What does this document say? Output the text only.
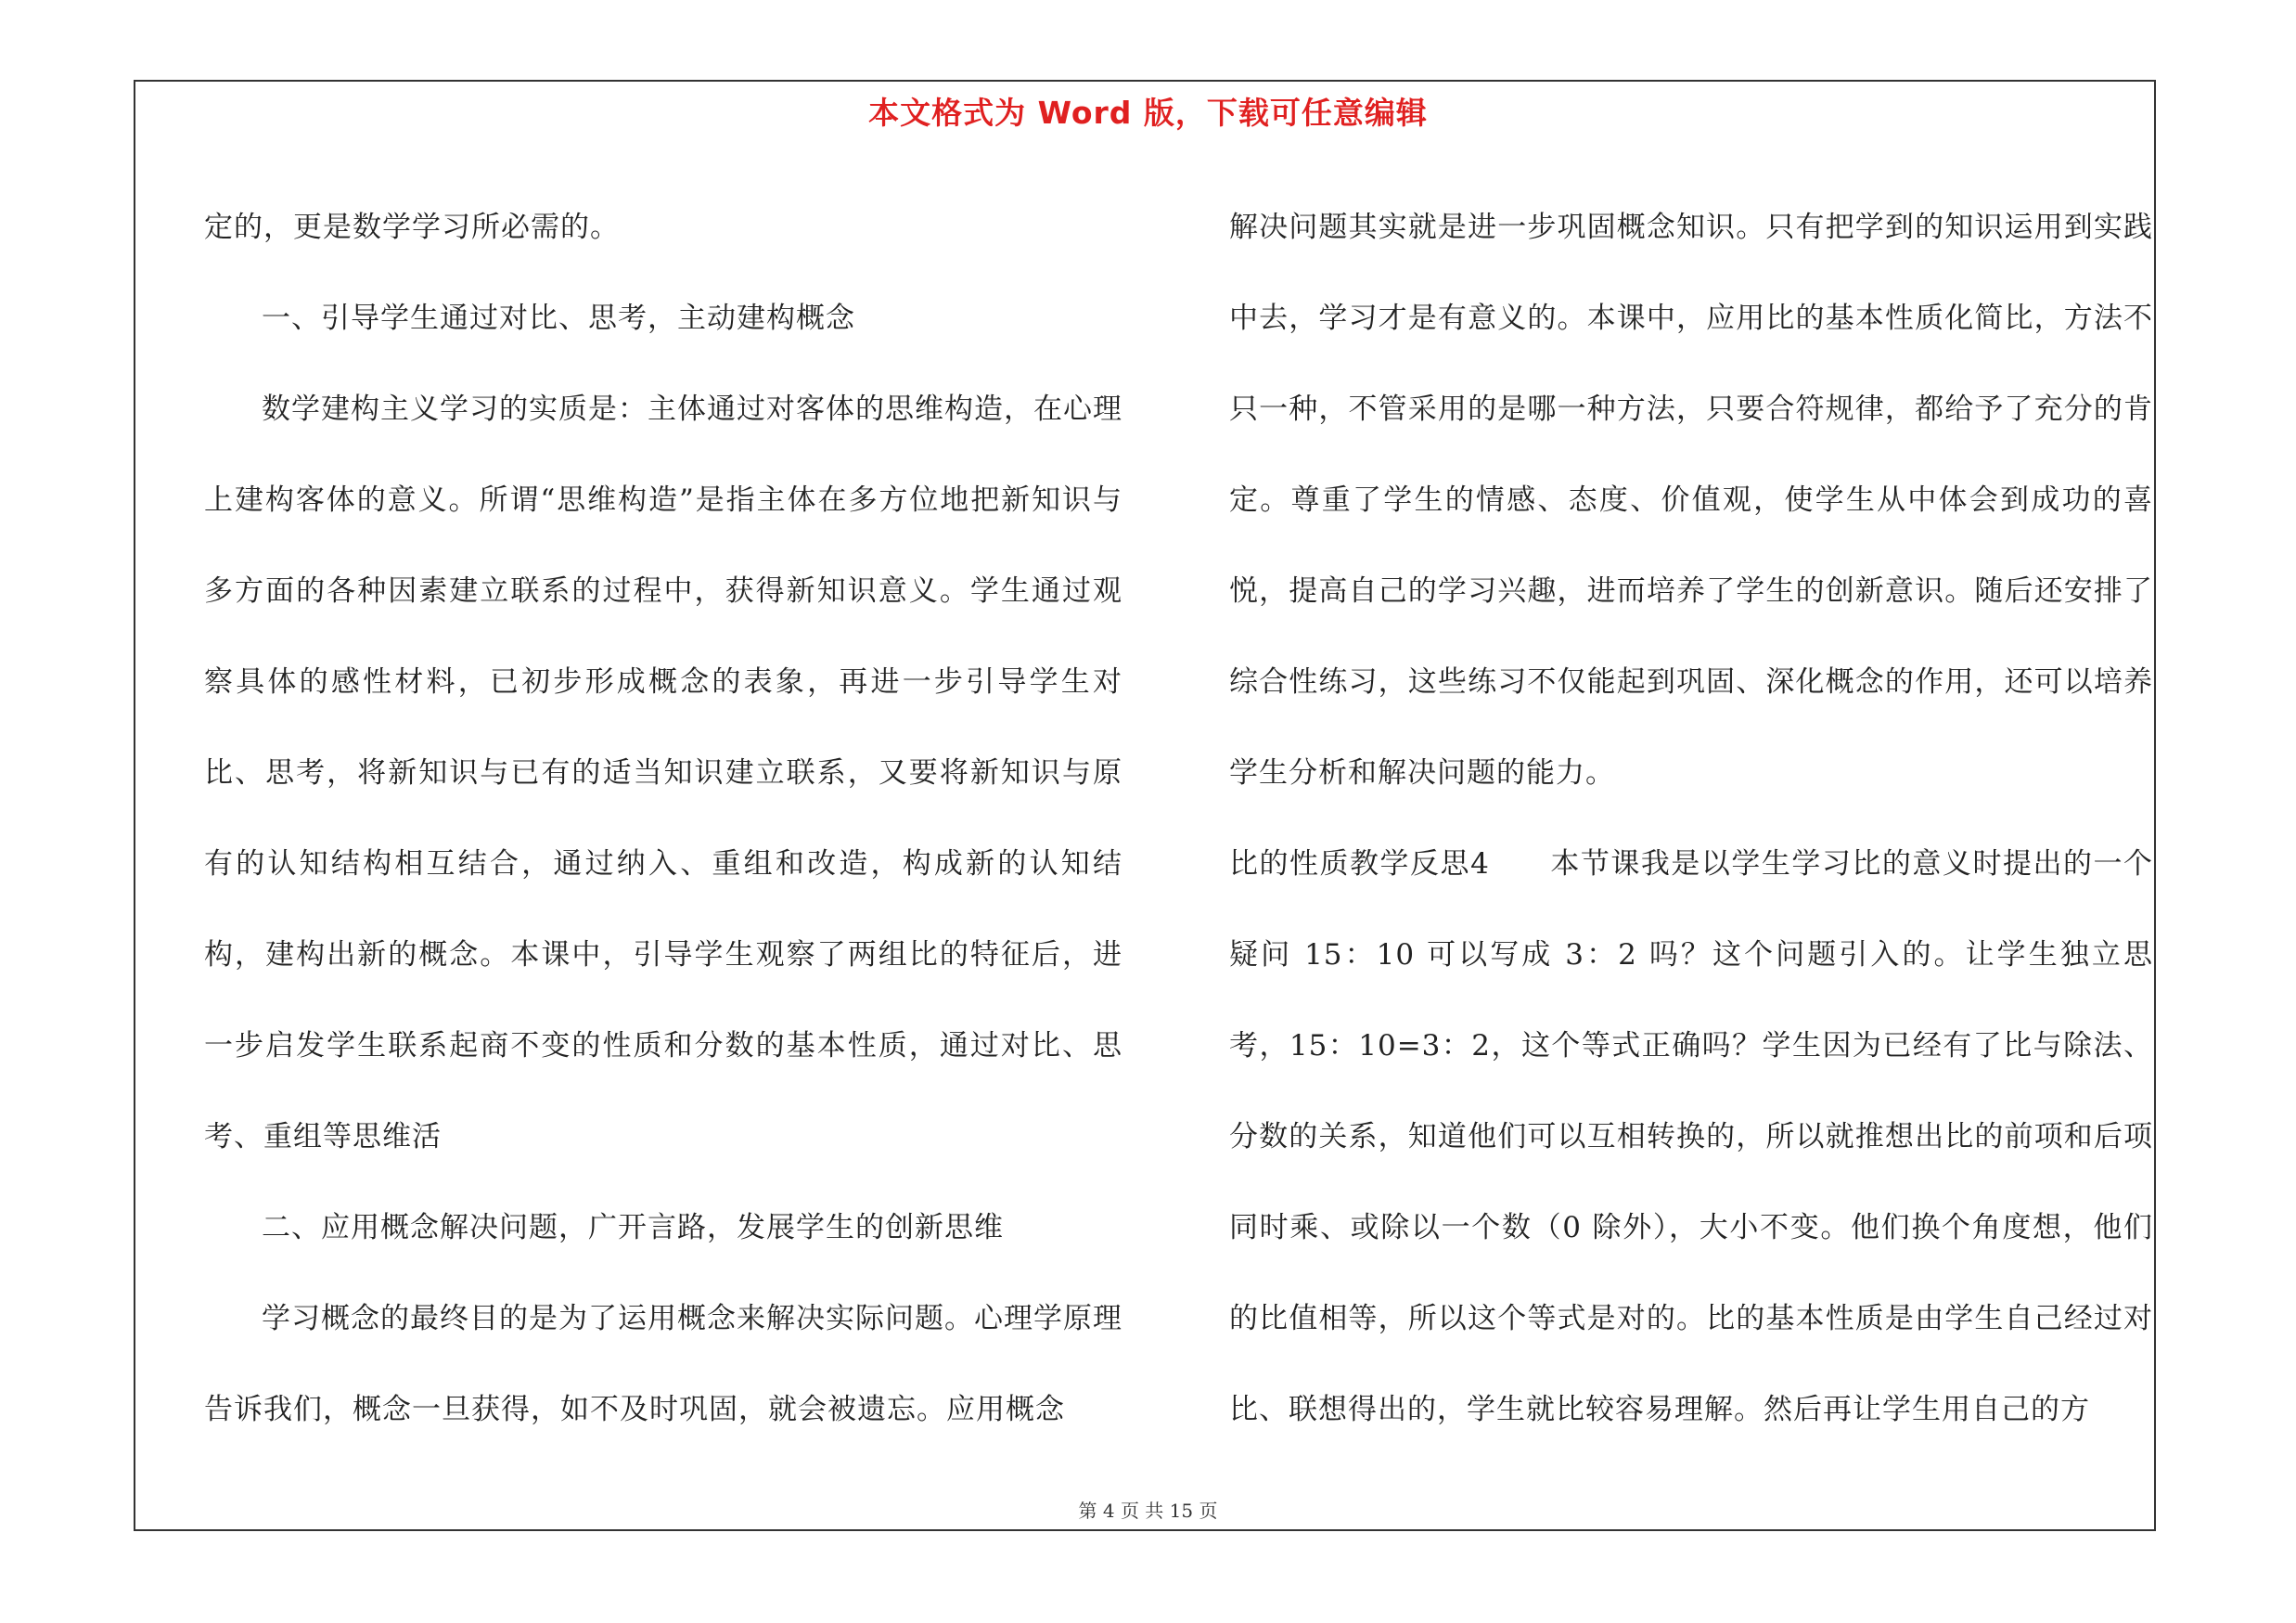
本文格式为 Word 版，下载可任意编辑

定的，更是数学学习所必需的。

一、引导学生通过对比、思考，主动建构概念

数学建构主义学习的实质是：主体通过对客体的思维构造，在心理上建构客体的意义。所谓“思维构造”是指主体在多方位地把新知识与多方面的各种因素建立联系的过程中，获得新知识意义。学生通过观察具体的感性材料，已初步形成概念的表象，再进一步引导学生对比、思考，将新知识与已有的适当知识建立联系，又要将新知识与原有的认知结构相互结合，通过纳入、重组和改造，构成新的认知结构，建构出新的概念。本课中，引导学生观察了两组比的特征后，进一步启发学生联系起商不变的性质和分数的基本性质，通过对比、思考、重组等思维活

二、应用概念解决问题，广开言路，发展学生的创新思维

学习概念的最终目的是为了运用概念来解决实际问题。心理学原理告诉我们，概念一旦获得，如不及时巩固，就会被遗忘。应用概念

解决问题其实就是进一步巩固概念知识。只有把学到的知识运用到实践中去，学习才是有意义的。本课中，应用比的基本性质化简比，方法不只一种，不管采用的是哪一种方法，只要合符规律，都给予了充分的肯定。尊重了学生的情感、态度、价值观，使学生从中体会到成功的喜悦，提高自己的学习兴趣，进而培养了学生的创新意识。随后还安排了综合性练习，这些练习不仅能起到巩固、深化概念的作用，还可以培养学生分析和解决问题的能力。

比的性质教学反思4　　本节课我是以学生学习比的意义时提出的一个疑问 15：10 可以写成 3：2 吗？这个问题引入的。让学生独立思考，15：10=3：2，这个等式正确吗？学生因为已经有了比与除法、分数的关系，知道他们可以互相转换的，所以就推想出比的前项和后项同时乘、或除以一个数（0 除外），大小不变。他们换个角度想，他们的比值相等，所以这个等式是对的。比的基本性质是由学生自己经过对比、联想得出的，学生就比较容易理解。然后再让学生用自己的方

第 4 页 共 15 页
